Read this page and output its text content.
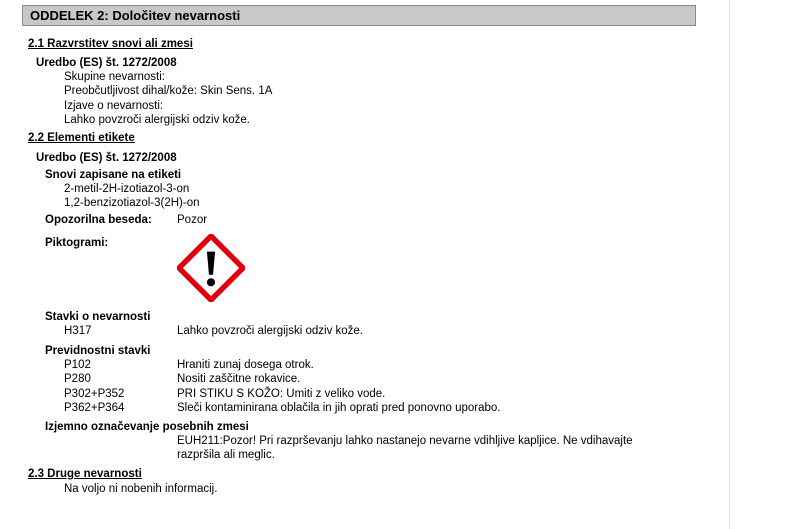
ODDELEK 2: Določitev nevarnosti
2.1 Razvrstitev snovi ali zmesi
Uredbo (ES) št. 1272/2008
Skupine nevarnosti:
Preobčutljivost dihal/kože: Skin Sens. 1A
Izjave o nevarnosti:
Lahko povzroči alergijski odziv kože.
2.2 Elementi etikete
Uredbo (ES) št. 1272/2008
Snovi zapisane na etiketi
2-metil-2H-izotiazol-3-on
1,2-benzizotiazol-3(2H)-on
Opozorilna beseda: Pozor
Piktogrami:
Stavki o nevarnosti
H317	Lahko povzroči alergijski odziv kože.
Previdnostni stavki
P102	Hraniti zunaj dosega otrok.
P280	Nositi zaščitne rokavice.
P302+P352	PRI STIKU S KOŽO: Umiti z veliko vode.
P362+P364	Sleči kontaminirana oblačila in jih oprati pred ponovno uporabo.
Izjemno označevanje posebnih zmesi
EUH211:Pozor! Pri razprševanju lahko nastanejo nevarne vdihljive kapljice. Ne vdihavajte
razpršila ali meglic.
2.3 Druge nevarnosti
Na voljo ni nobenih informacij.
